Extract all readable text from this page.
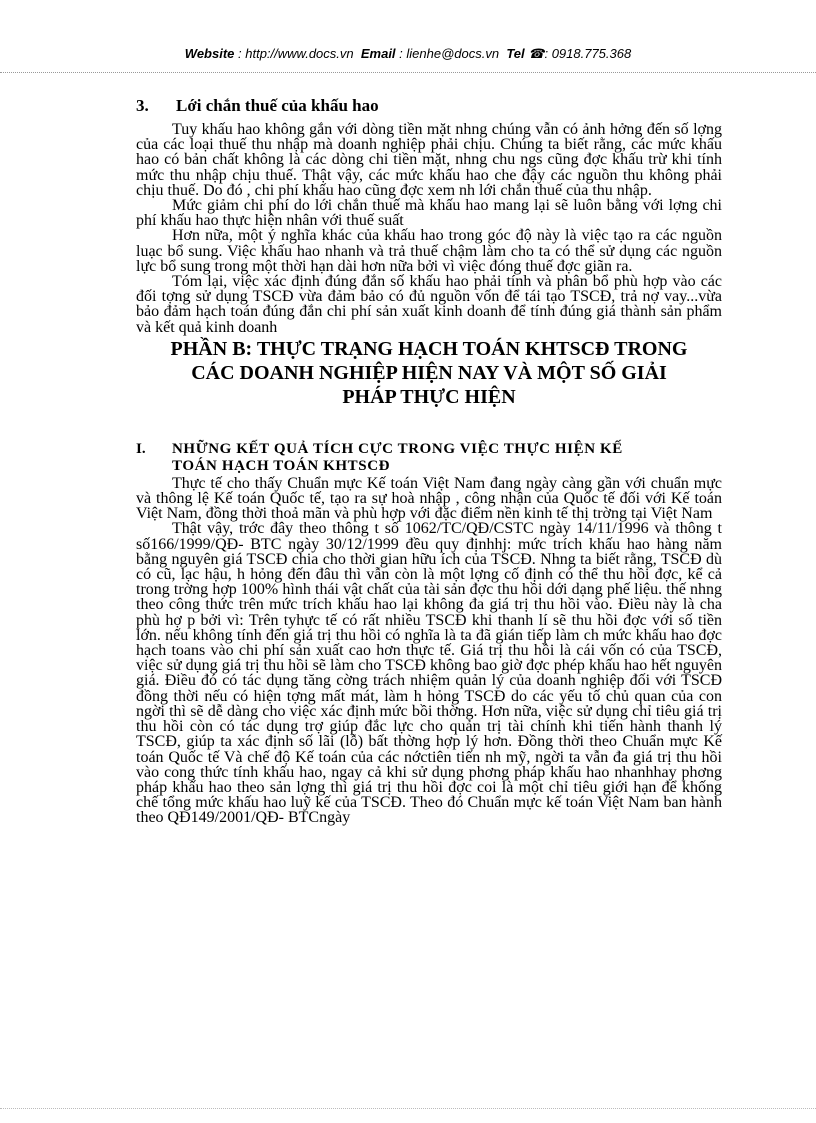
Website : http://www.docs.vn Email : lienhe@docs.vn Tel ☎: 0918.775.368
3.	Lới chắn thuế của khấu hao

Tuy khấu hao không gắn với dòng tiền mặt nhng chúng vẫn có ảnh hởng đến số lợng của các loại thuế thu nhập mà doanh nghiệp phải chịu. Chúng ta biết rằng, các mức khấu hao có bản chất không là các dòng chi tiền mặt, nhng chu ngs cũng đợc khấu trừ khi tính mức thu nhập chịu thuế. Thật vậy, các mức khấu hao che đậy các nguồn thu không phải chịu thuế. Do đó , chi phí khấu hao cũng đợc xem nh lới chắn thuế của thu nhập.

Mức giảm chi phí do lới chắn thuế mà khấu hao mang lại sẽ luôn bằng với lợng chi phí khấu hao thực hiện nhân với thuế suất

Hơn nữa, một ý nghĩa khác của khấu hao trong góc độ này là việc tạo ra các nguồn luạc bổ sung. Việc khấu hao nhanh và trả thuế chậm làm cho ta có thể sử dụng các nguồn lực bổ sung trong một thời hạn dài hơn nữa bởi vì việc đóng thuế đợc giãn ra.

Tóm lại, việc xác định đúng đắn số khấu hao phải tính và phân bổ phù hợp vào các đối tợng sử dụng TSCĐ vừa đảm bảo có đủ nguồn vốn để tái tạo TSCĐ, trả nợ vay...vừa bảo đảm hạch toán đúng đắn chi phí sản xuất kinh doanh để tính đúng giá thành sản phẩm và kết quả kinh doanh

PHẦN B: THỰC TRẠNG HẠCH TOÁN KHTSCĐ TRONG
CÁC DOANH NGHIỆP HIỆN NAY VÀ MỘT SỐ GIẢI
PHÁP THỰC HIỆN
I.	NHỮNG KẾT QUẢ TÍCH CỰC TRONG VIỆC THỰC HIỆN KẾ
TOÁN HẠCH TOÁN KHTSCĐ

Thực tế cho thấy Chuẩn mực Kế toán Việt Nam đang ngày càng gần với chuẩn mực và thông lệ Kế toán Quốc tế, tạo ra sự hoà nhập , công nhận của Quốc tế đối với Kế toán Việt Nam, đồng thời thoả mãn và phù hợp với đặc điểm nền kinh tế thị trờng tại Việt Nam

Thật vậy, trớc đây theo thông t số 1062/TC/QĐ/CSTC ngày 14/11/1996 và thông t số166/1999/QĐ- BTC ngày 30/12/1999 đều quy địnhhj: mức trích khấu hao hàng năm bằng nguyên giá TSCĐ chia cho thời gian hữu ích của TSCĐ. Nhng ta biết rằng, TSCĐ dù có cũ, lạc hậu, h hỏng đến đâu thì vẫn còn là một lợng cố định có thể thu hồi đợc, kể cả trong trờng hợp 100% hình thái vật chất của tài sản đợc thu hồi dới dạng phế liệu. thế nhng theo công thức trên mức trích khấu hao lại không đa giá trị thu hồi vào. Điều này là cha phù hợ p bởi vì: Trên tyhực tế có rất nhiều TSCĐ khi thanh lí sẽ thu hồi đợc với số tiền lớn. nếu không tính đến giá trị thu hồi có nghĩa là ta đã gián tiếp làm ch mức khấu hao đợc hạch toans vào chi phí sản xuất cao hơn thực tế. Giá trị thu hồi là cái vốn có của TSCĐ, việc sử dụng giá trị thu hồi sẽ làm cho TSCĐ không bao giờ đợc phép khấu hao hết nguyên giá. Điều đó có tác dụng tăng cờng trách nhiệm quản lý của doanh nghiệp đối với TSCĐ đồng thời nếu có hiện tợng mất mát, làm h hỏng TSCĐ do các yếu tố chủ quan của con ngời thì sẽ dễ dàng cho việc xác định mức bồi thờng. Hơn nữa, việc sử dụng chỉ tiêu giá trị thu hồi còn có tác dụng trợ giúp đắc lực cho quản trị tài chính khi tiến hành thanh lý TSCĐ, giúp ta xác định số lãi (lỗ) bất thờng hợp lý hơn. Đồng thời theo Chuẩn mực Kế toán Quốc tế Và chế độ Kế toán của các nớctiên tiến nh mỹ, ngời ta vẫn đa giá trị thu hồi vào cong thức tính khấu hao, ngay cả khi sử dụng phơng pháp khấu hao nhanhhay phơng pháp khấu hao theo sản lợng thì giá trị thu hồi đợc coi là một chỉ tiêu giới hạn để khống chế tổng mức khấu hao luỹ kế của TSCĐ. Theo đó Chuẩn mực kế toán Việt Nam ban hành theo QĐ149/2001/QĐ- BTCngày
